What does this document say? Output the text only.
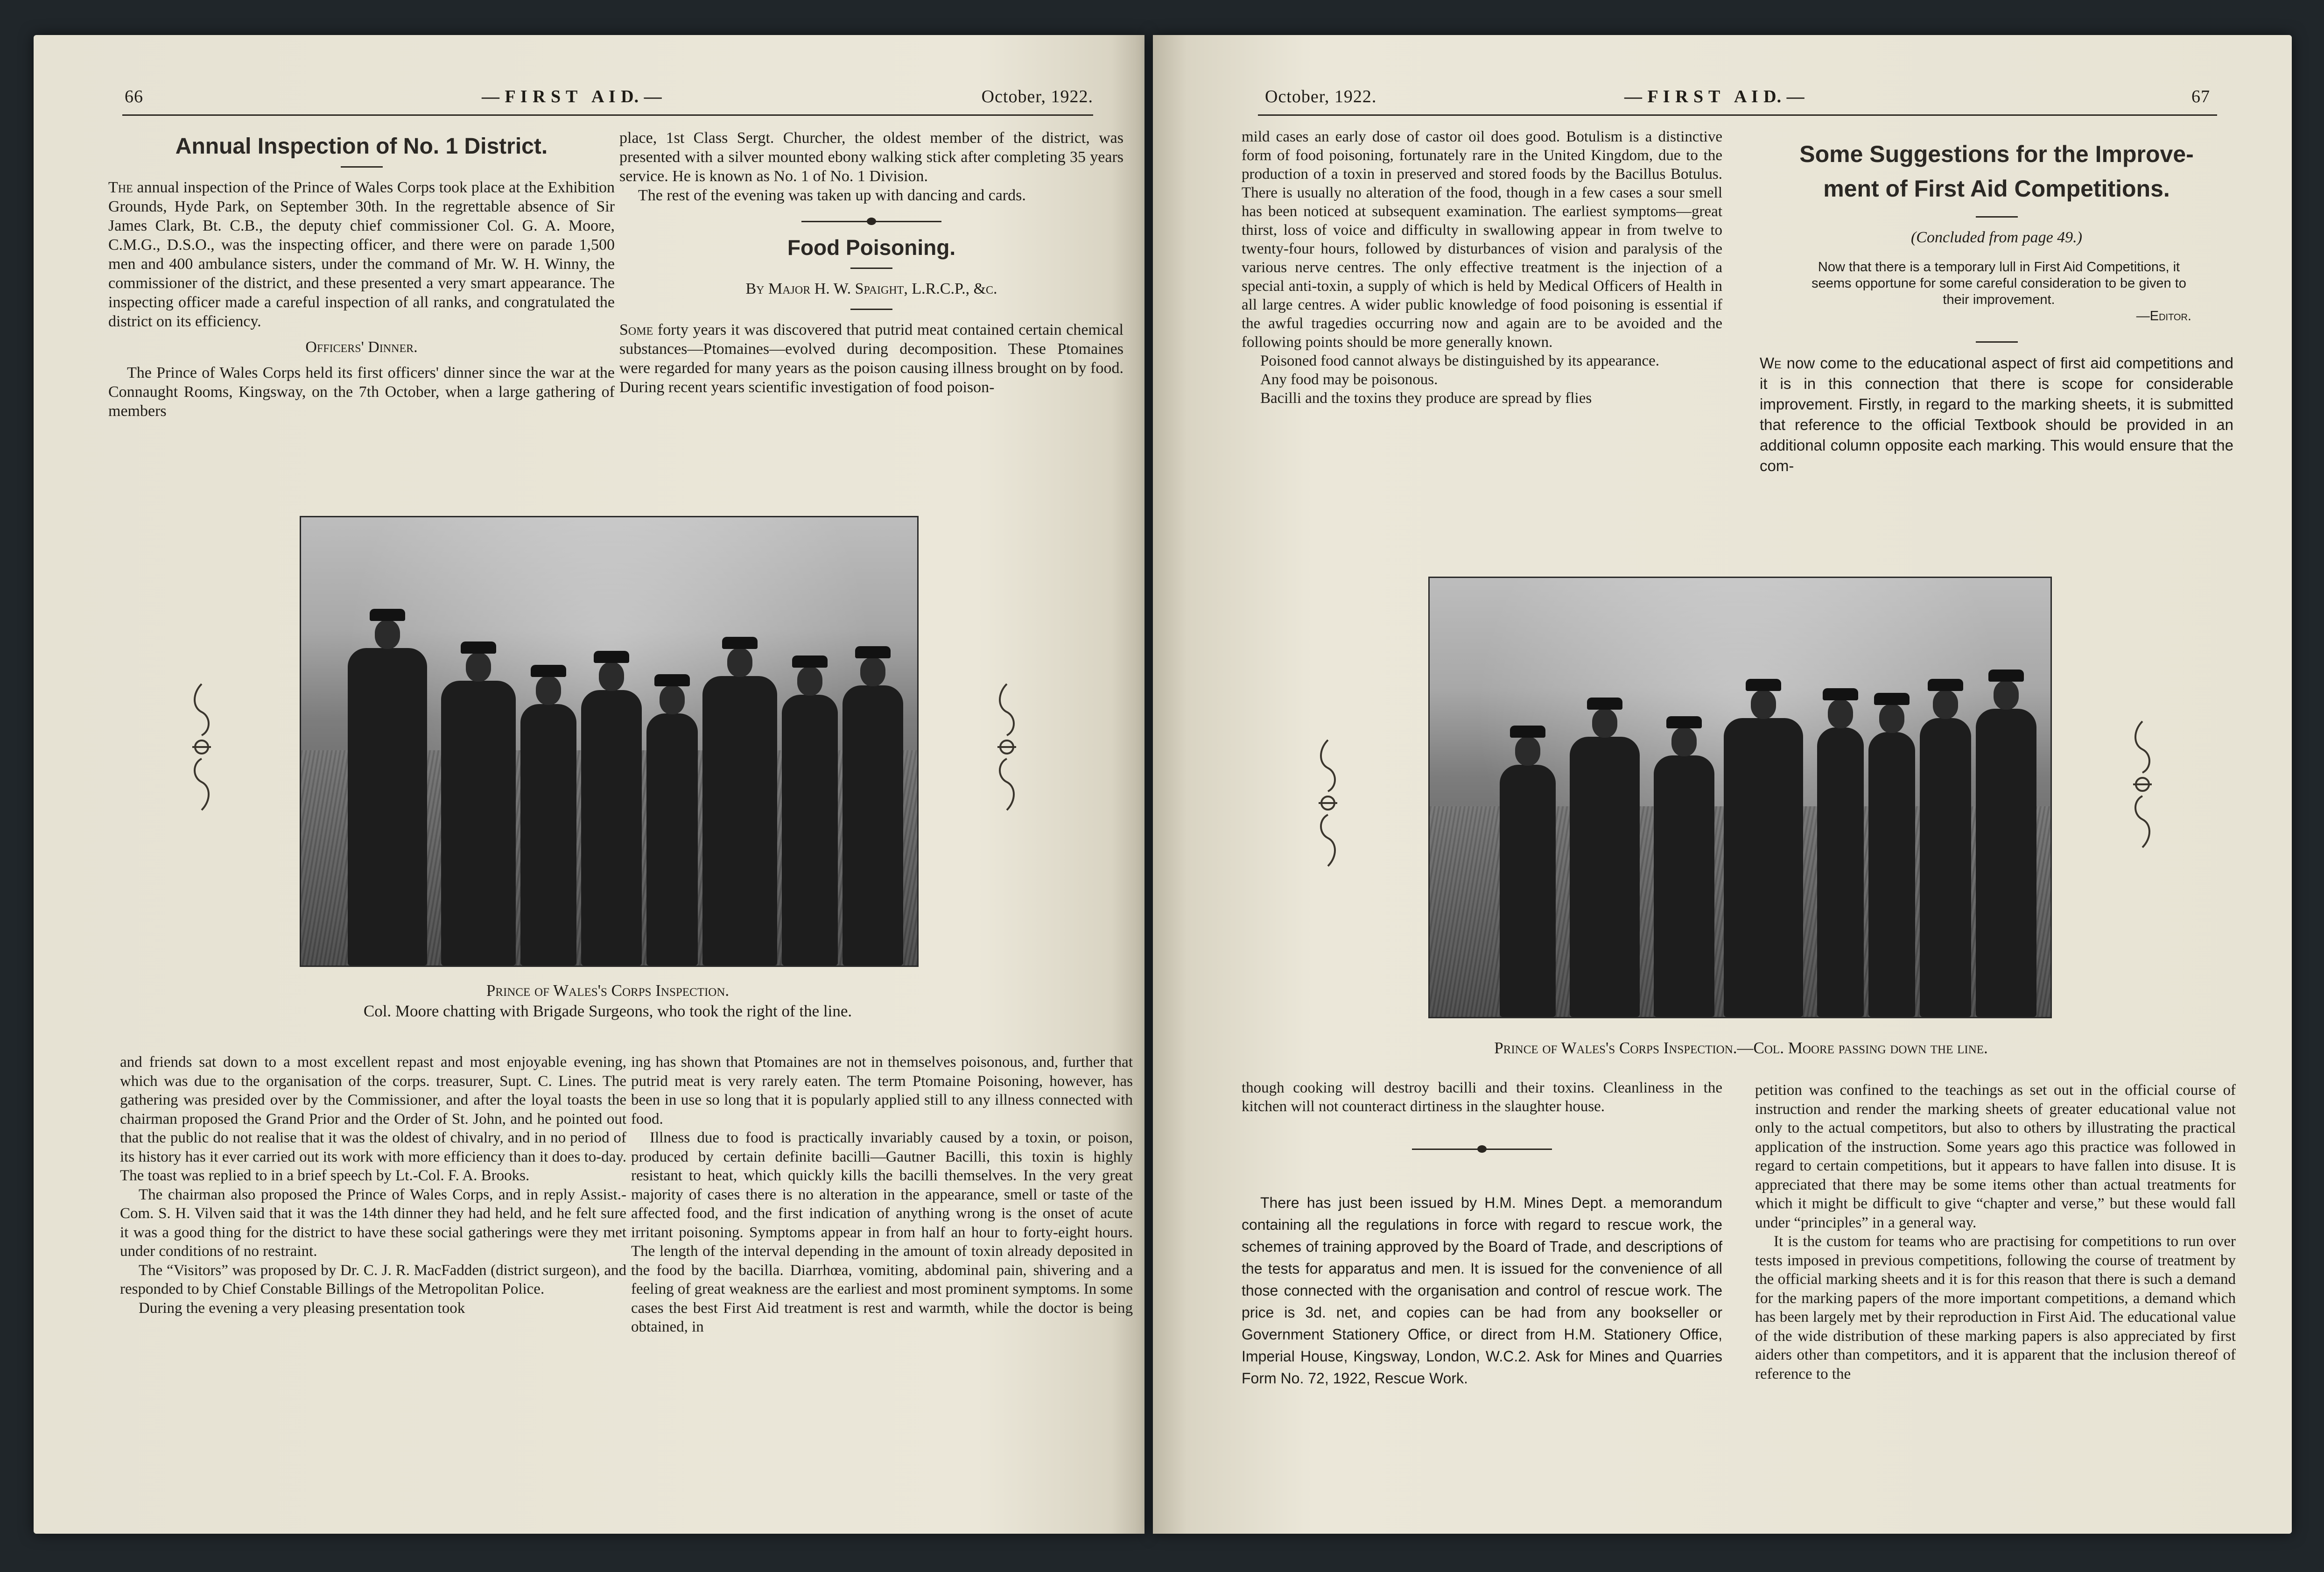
66	— F I R S T   A I D. —	October, 1922.
Annual Inspection of No. 1 District.

The annual inspection of the Prince of Wales Corps took place at the Exhibition Grounds, Hyde Park, on September 30th. In the regrettable absence of Sir James Clark, Bt. C.B., the deputy chief commissioner Col. G. A. Moore, C.M.G., D.S.O., was the inspecting officer, and there were on parade 1,500 men and 400 ambulance sisters, under the command of Mr. W. H. Winny, the commissioner of the district, and these presented a very smart appearance. The inspecting officer made a careful inspection of all ranks, and congratulated the district on its efficiency.

Officers' Dinner.

The Prince of Wales Corps held its first officers' dinner since the war at the Connaught Rooms, Kingsway, on the 7th October, when a large gathering of members

place, 1st Class Sergt. Churcher, the oldest member of the district, was presented with a silver mounted ebony walking stick after completing 35 years service. He is known as No. 1 of No. 1 Division.

The rest of the evening was taken up with dancing and cards.

Food Poisoning.

By Major H. W. Spaight, L.R.C.P., &c.

Some forty years it was discovered that putrid meat contained certain chemical substances—Ptomaines—evolved during decomposition. These Ptomaines were regarded for many years as the poison causing illness brought on by food. During recent years scientific investigation of food poison-

Prince of Wales's Corps Inspection.
Col. Moore chatting with Brigade Surgeons, who took the right of the line.

and friends sat down to a most excellent repast and most enjoyable evening, which was due to the organisation of the corps. treasurer, Supt. C. Lines. The gathering was presided over by the Commissioner, and after the loyal toasts the chairman proposed the Grand Prior and the Order of St. John, and he pointed out that the public do not realise that it was the oldest of chivalry, and in no period of its history has it ever carried out its work with more efficiency than it does to-day. The toast was replied to in a brief speech by Lt.-Col. F. A. Brooks.

The chairman also proposed the Prince of Wales Corps, and in reply Assist.-Com. S. H. Vilven said that it was the 14th dinner they had held, and he felt sure it was a good thing for the district to have these social gatherings were they met under conditions of no restraint.

The “Visitors” was proposed by Dr. C. J. R. MacFadden (district surgeon), and responded to by Chief Constable Billings of the Metropolitan Police.

During the evening a very pleasing presentation took

ing has shown that Ptomaines are not in themselves poisonous, and, further that putrid meat is very rarely eaten. The term Ptomaine Poisoning, however, has been in use so long that it is popularly applied still to any illness connected with food.

Illness due to food is practically invariably caused by a toxin, or poison, produced by certain definite bacilli—Gautner Bacilli, this toxin is highly resistant to heat, which quickly kills the bacilli themselves. In the very great majority of cases there is no alteration in the appearance, smell or taste of the affected food, and the first indication of anything wrong is the onset of acute irritant poisoning. Symptoms appear in from half an hour to forty-eight hours. The length of the interval depending in the amount of toxin already deposited in the food by the bacilla. Diarrhœa, vomiting, abdominal pain, shivering and a feeling of great weakness are the earliest and most prominent symptoms. In some cases the best First Aid treatment is rest and warmth, while the doctor is being obtained, in

October, 1922.	— F I R S T   A I D. —	67

mild cases an early dose of castor oil does good. Botulism is a distinctive form of food poisoning, fortunately rare in the United Kingdom, due to the production of a toxin in preserved and stored foods by the Bacillus Botulus. There is usually no alteration of the food, though in a few cases a sour smell has been noticed at subsequent examination. The earliest symptoms—great thirst, loss of voice and difficulty in swallowing appear in from twelve to twenty-four hours, followed by disturbances of vision and paralysis of the various nerve centres. The only effective treatment is the injection of a special anti-toxin, a supply of which is held by Medical Officers of Health in all large centres. A wider public knowledge of food poisoning is essential if the awful tragedies occurring now and again are to be avoided and the following points should be more generally known.

Poisoned food cannot always be distinguished by its appearance.

Any food may be poisonous.

Bacilli and the toxins they produce are spread by flies

Some Suggestions for the Improve-
ment of First Aid Competitions.

(Concluded from page 49.)

Now that there is a temporary lull in First Aid Competitions, it seems opportune for some careful consideration to be given to their improvement.
—Editor.

We now come to the educational aspect of first aid competitions and it is in this connection that there is scope for considerable improvement. Firstly, in regard to the marking sheets, it is submitted that reference to the official Textbook should be provided in an additional column opposite each marking. This would ensure that the com-

Prince of Wales's Corps Inspection.—Col. Moore passing down the line.

though cooking will destroy bacilli and their toxins. Cleanliness in the kitchen will not counteract dirtiness in the slaughter house.

There has just been issued by H.M. Mines Dept. a memorandum containing all the regulations in force with regard to rescue work, the schemes of training approved by the Board of Trade, and descriptions of the tests for apparatus and men. It is issued for the convenience of all those connected with the organisation and control of rescue work. The price is 3d. net, and copies can be had from any bookseller or Government Stationery Office, or direct from H.M. Stationery Office, Imperial House, Kingsway, London, W.C.2. Ask for Mines and Quarries Form No. 72, 1922, Rescue Work.

petition was confined to the teachings as set out in the official course of instruction and render the marking sheets of greater educational value not only to the actual competitors, but also to others by illustrating the practical application of the instruction. Some years ago this practice was followed in regard to certain competitions, but it appears to have fallen into disuse. It is appreciated that there may be some items other than actual treatments for which it might be difficult to give “chapter and verse,” but these would fall under “principles” in a general way.

It is the custom for teams who are practising for competitions to run over tests imposed in previous competitions, following the course of treatment by the official marking sheets and it is for this reason that there is such a demand for the marking papers of the more important competitions, a demand which has been largely met by their reproduction in First Aid. The educational value of the wide distribution of these marking papers is also appreciated by first aiders other than competitors, and it is apparent that the inclusion thereof of reference to the
